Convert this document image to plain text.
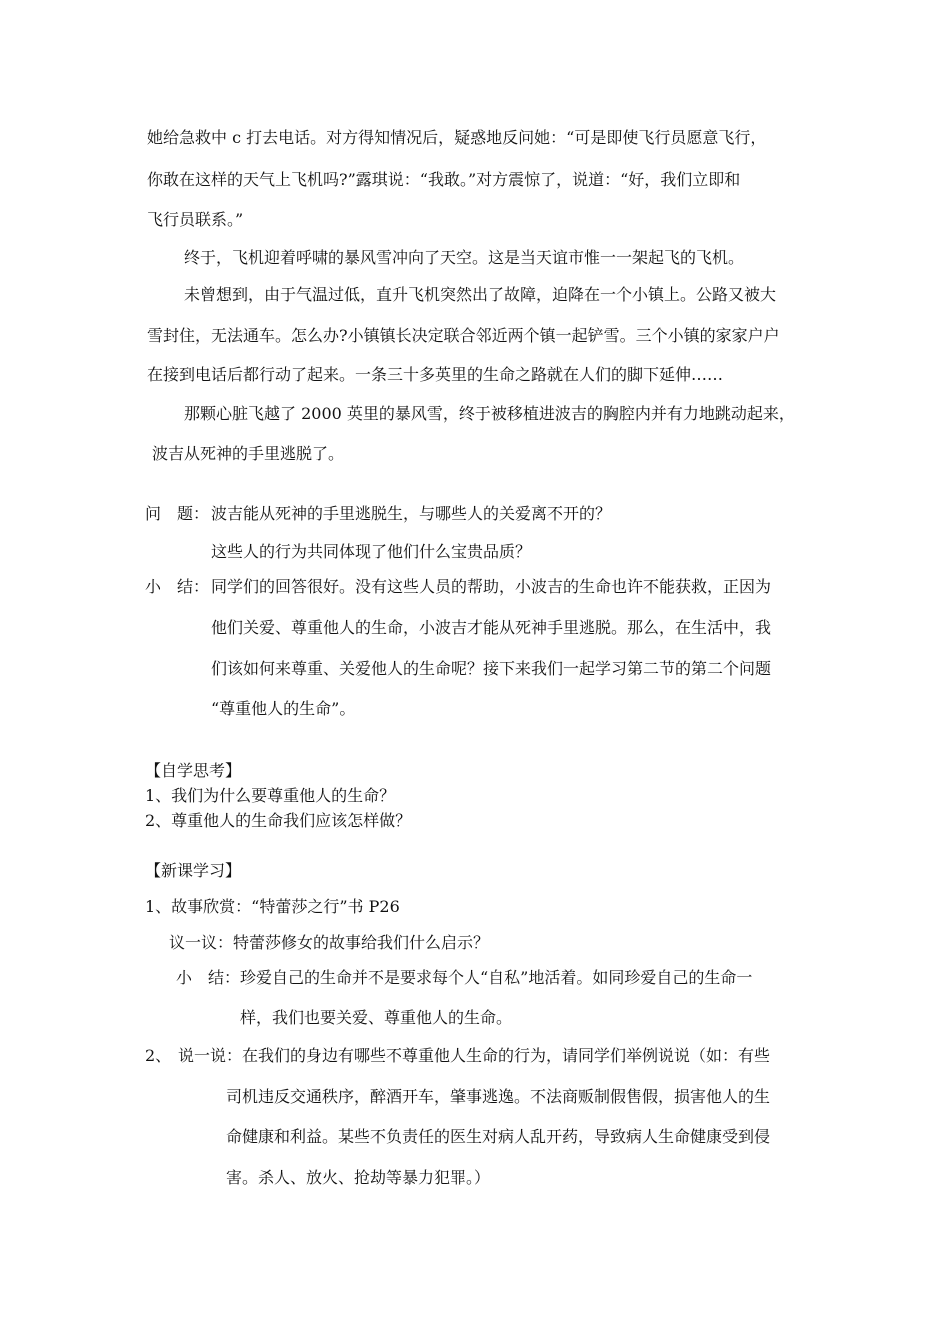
她给急救中 c 打去电话。对方得知情况后，疑惑地反问她：“可是即使飞行员愿意飞行，
你敢在这样的天气上飞机吗?”露琪说：“我敢。”对方震惊了，说道：“好，我们立即和
飞行员联系。”
终于，飞机迎着呼啸的暴风雪冲向了天空。这是当天谊市惟一一架起飞的飞机。
未曾想到，由于气温过低，直升飞机突然出了故障，迫降在一个小镇上。公路又被大
雪封住，无法通车。怎么办?小镇镇长决定联合邻近两个镇一起铲雪。三个小镇的家家户户
在接到电话后都行动了起来。一条三十多英里的生命之路就在人们的脚下延伸……
那颗心脏飞越了 2000 英里的暴风雪，终于被移植进波吉的胸腔内并有力地跳动起来，
波吉从死神的手里逃脱了。
问　题： 波吉能从死神的手里逃脱生，与哪些人的关爱离不开的？
这些人的行为共同体现了他们什么宝贵品质？
小　结： 同学们的回答很好。没有这些人员的帮助，小波吉的生命也许不能获救，正因为
他们关爱、尊重他人的生命，小波吉才能从死神手里逃脱。那么，在生活中，我
们该如何来尊重、关爱他人的生命呢？接下来我们一起学习第二节的第二个问题
“尊重他人的生命”。
【自学思考】
1、我们为什么要尊重他人的生命？
2、尊重他人的生命我们应该怎样做？
【新课学习】
1、故事欣赏：“特蕾莎之行”书 P26
议一议：特蕾莎修女的故事给我们什么启示？
小　结： 珍爱自己的生命并不是要求每个人“自私”地活着。如同珍爱自己的生命一
样，我们也要关爱、尊重他人的生命。
2、 说一说：在我们的身边有哪些不尊重他人生命的行为，请同学们举例说说（如：有些
司机违反交通秩序，醉酒开车，肇事逃逸。不法商贩制假售假，损害他人的生
命健康和利益。某些不负责任的医生对病人乱开药，导致病人生命健康受到侵
害。杀人、放火、抢劫等暴力犯罪。）
